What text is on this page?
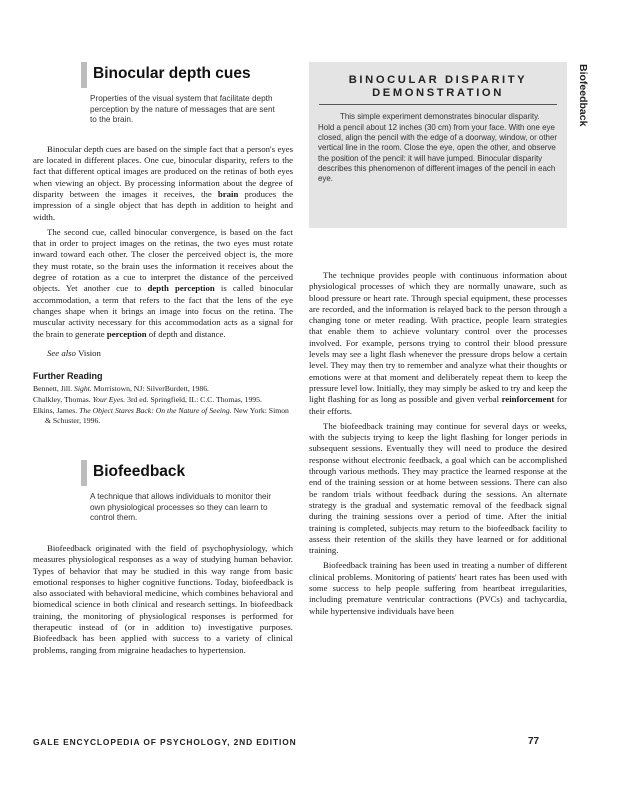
Biofeedback
Binocular depth cues
Properties of the visual system that facilitate depth perception by the nature of messages that are sent to the brain.

Binocular depth cues are based on the simple fact that a person's eyes are located in different places. One cue, binocular disparity, refers to the fact that different optical images are produced on the retinas of both eyes when viewing an object. By processing information about the degree of disparity between the images it receives, the brain produces the impression of a single object that has depth in addition to height and width.

The second cue, called binocular convergence, is based on the fact that in order to project images on the retinas, the two eyes must rotate inward toward each other. The closer the perceived object is, the more they must rotate, so the brain uses the information it receives about the degree of rotation as a cue to interpret the distance of the perceived objects. Yet another cue to depth perception is called binocular accommodation, a term that refers to the fact that the lens of the eye changes shape when it brings an image into focus on the retina. The muscular activity necessary for this accommodation acts as a signal for the brain to generate perception of depth and distance.

See also Vision
Further Reading

Bennett, Jill. Sight. Morristown, NJ: SilverBurdett, 1986.

Chalkley, Thomas. Your Eyes. 3rd ed. Springfield, IL: C.C. Thomas, 1995.

Elkins, James. The Object Stares Back: On the Nature of Seeing. New York: Simon & Schuster, 1996.

Biofeedback
A technique that allows individuals to monitor their own physiological processes so they can learn to control them.

Biofeedback originated with the field of psychophysiology, which measures physiological responses as a way of studying human behavior. Types of behavior that may be studied in this way range from basic emotional responses to higher cognitive functions. Today, biofeedback is also associated with behavioral medicine, which combines behavioral and biomedical science in both clinical and research settings. In biofeedback training, the monitoring of physiological responses is performed for therapeutic instead of (or in addition to) investigative purposes. Biofeedback has been applied with success to a variety of clinical problems, ranging from migraine headaches to hypertension.

BINOCULAR DISPARITY DEMONSTRATION
This simple experiment demonstrates binocular disparity. Hold a pencil about 12 inches (30 cm) from your face. With one eye closed, align the pencil with the edge of a doorway, window, or other vertical line in the room. Close the eye, open the other, and observe the position of the pencil: it will have jumped. Binocular disparity describes this phenomenon of different images of the pencil in each eye.

The technique provides people with continuous information about physiological processes of which they are normally unaware, such as blood pressure or heart rate. Through special equipment, these processes are recorded, and the information is relayed back to the person through a changing tone or meter reading. With practice, people learn strategies that enable them to achieve voluntary control over the processes involved. For example, persons trying to control their blood pressure levels may see a light flash whenever the pressure drops below a certain level. They may then try to remember and analyze what their thoughts or emotions were at that moment and deliberately repeat them to keep the pressure level low. Initially, they may simply be asked to try and keep the light flashing for as long as possible and given verbal reinforcement for their efforts.

The biofeedback training may continue for several days or weeks, with the subjects trying to keep the light flashing for longer periods in subsequent sessions. Eventually they will need to produce the desired response without electronic feedback, a goal which can be accomplished through various methods. They may practice the learned response at the end of the training session or at home between sessions. There can also be random trials without feedback during the sessions. An alternate strategy is the gradual and systematic removal of the feedback signal during the training sessions over a period of time. After the initial training is completed, subjects may return to the biofeedback facility to assess their retention of the skills they have learned or for additional training.

Biofeedback training has been used in treating a number of different clinical problems. Monitoring of patients' heart rates has been used with some success to help people suffering from heartbeat irregularities, including premature ventricular contractions (PVCs) and tachycardia, while hypertensive individuals have been

GALE ENCYCLOPEDIA OF PSYCHOLOGY, 2ND EDITION	77
